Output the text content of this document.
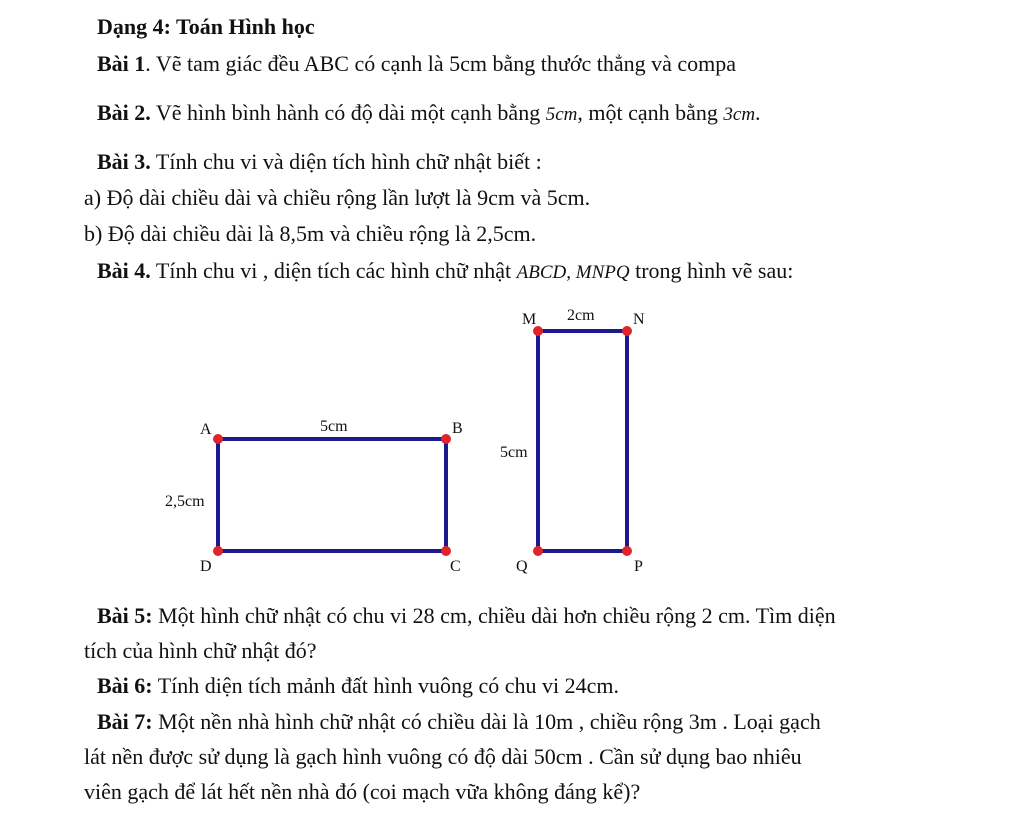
Dạng 4: Toán Hình học
Bài 1. Vẽ tam giác đều ABC có cạnh là 5cm bằng thước thẳng và compa
Bài 2. Vẽ hình bình hành có độ dài một cạnh bằng 5cm, một cạnh bằng 3cm.
Bài 3. Tính chu vi và diện tích hình chữ nhật biết :
a) Độ dài chiều dài và chiều rộng lần lượt là 9cm và 5cm.
b) Độ dài chiều dài là 8,5m và chiều rộng là 2,5cm.
Bài 4. Tính chu vi , diện tích các hình chữ nhật ABCD, MNPQ trong hình vẽ sau:
A	B
C
D
5cm
2,5cm
M	N
P
Q
2cm
5cm
Bài 5: Một hình chữ nhật có chu vi 28 cm, chiều dài hơn chiều rộng 2 cm. Tìm diện
tích của hình chữ nhật đó?
Bài 6: Tính diện tích mảnh đất hình vuông có chu vi 24cm.
Bài 7: Một nền nhà hình chữ nhật có chiều dài là 10m , chiều rộng 3m . Loại gạch
lát nền được sử dụng là gạch hình vuông có độ dài 50cm . Cần sử dụng bao nhiêu
viên gạch để lát hết nền nhà đó (coi mạch vữa không đáng kể)?
